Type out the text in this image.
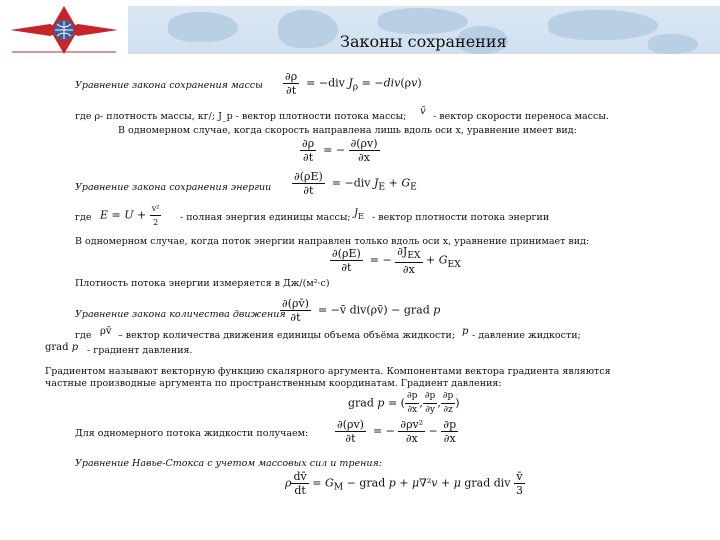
Законы сохранения
Уравнение закона сохранения массы $\frac{\partial\rho}{\partial t} = -div$ $J_\rho = -div(\rho v)$
где ρ- плотность массы, кг/; J_p - вектор плотности потока массы; v̄ - вектор скорости переноса массы.
В одномерном случае, когда скорость направлена лишь вдоль оси x, уравнение имеет вид:
$\frac{\partial\rho}{\partial t}$ = − $\frac{\partial(\rho v)}{\partial x}$
Уравнение закона сохранения энергии $\frac{\partial(\rho E)}{\partial t} = -div$ $J_E + G_E$
где $E = U + \frac{\text{v²}}{2}$ - полная энергия единицы массы; $J_E$ - вектор плотности потока энергии
В одномерном случае, когда поток энергии направлен только вдоль оси x, уравнение принимает вид:
$\frac{\partial(\rho E)}{\partial t}$ = − $\frac{\partial J_{EX}}{\partial x} + G_{EX}$
Плотность потока энергии измеряется в Дж/(м²·с)
Уравнение закона количества движения
$\frac{\partial(\rho v̄)}{\partial t}$ = −v̄ div(ρv̄) − grad p
где ρv̄ – вектор количества движения единицы объема объёма жидкости; p - давление жидкости;
grad p - градиент давления.
Градиентом называют векторную функцию скалярного аргумента. Компонентами вектора градиента являются
частные производные аргумента по пространственным координатам. Градиент давления:
grad p = ( $\frac{\partial p}{\partial x}$ , $\frac{\partial p}{\partial y}$ , $\frac{\partial p}{\partial z}$ )
Для одномерного потока жидкости получаем: $\frac{\partial(\rho v)}{\partial t}$ = − $\frac{\text{∂ρv²}}{\partial x} - \frac{\partial p}{\partial x}$
Уравнение Навье-Стокса с учетом массовых сил и трения:
ρ $\frac{dv̄}{dt} = G_M$ − grad p + μ∇²v + μ grad div $\frac{v̄}{3}$
